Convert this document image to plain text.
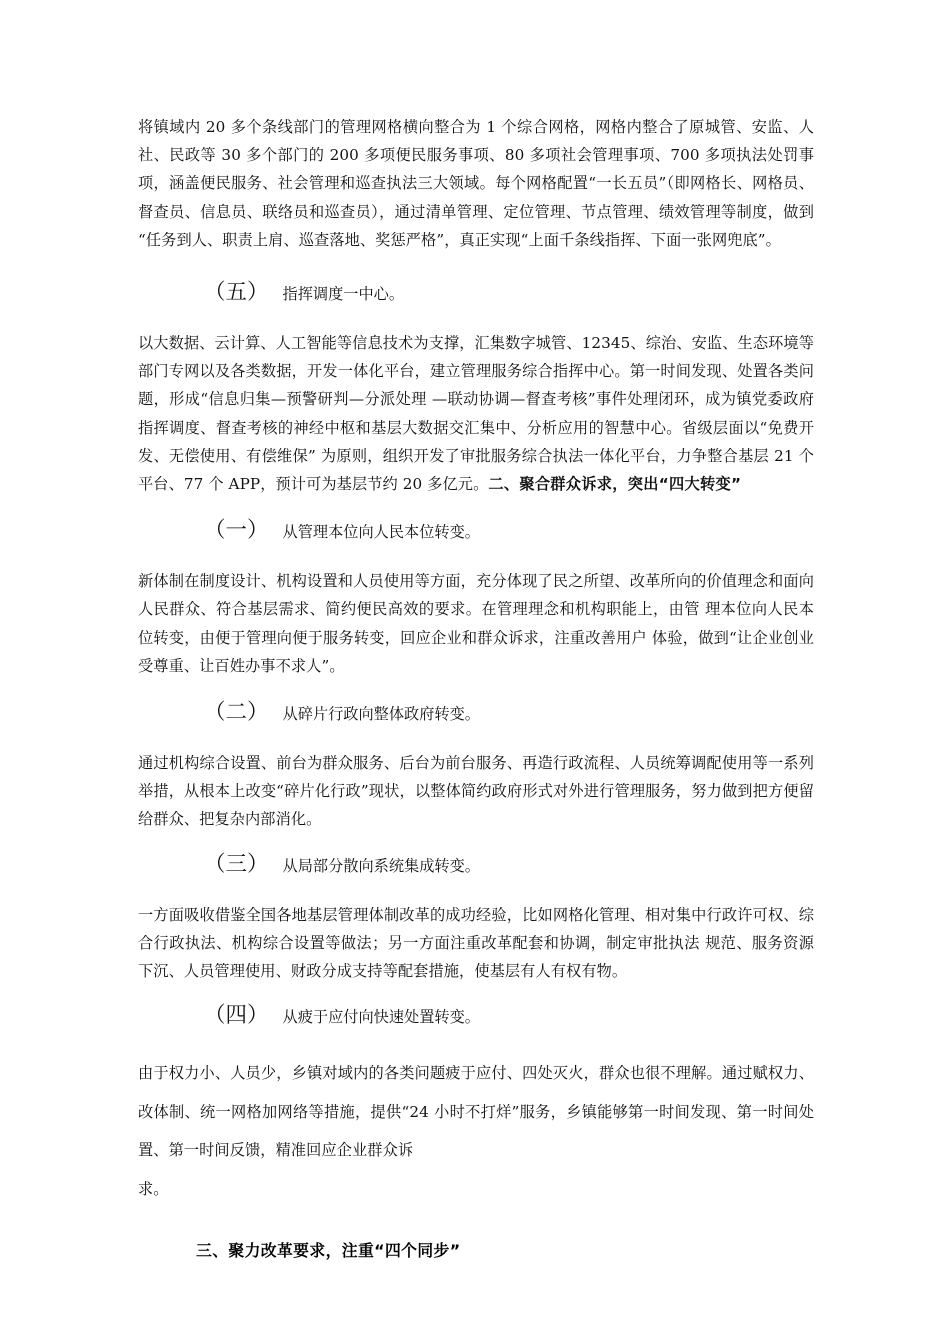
将镇域内 20 多个条线部门的管理网格横向整合为 1 个综合网格，网格内整合了原城管、安监、人社、民政等 30 多个部门的 200 多项便民服务事项、80 多项社会管理事项、700 多项执法处罚事项，涵盖便民服务、社会管理和巡查执法三大领域。每个网格配置“一长五员”（即网格长、网格员、督查员、信息员、联络员和巡查员），通过清单管理、定位管理、节点管理、绩效管理等制度，做到“任务到人、职责上肩、巡查落地、奖惩严格”，真正实现“上面千条线指挥、下面一张网兜底”。

（五） 指挥调度一中心。

以大数据、云计算、人工智能等信息技术为支撑，汇集数字城管、12345、综治、安监、生态环境等部门专网以及各类数据，开发一体化平台，建立管理服务综合指挥中心。第一时间发现、处置各类问题，形成“信息归集—预警研判—分派处理 —联动协调—督查考核”事件处理闭环，成为镇党委政府指挥调度、督查考核的神经中枢和基层大数据交汇集中、分析应用的智慧中心。省级层面以“免费开发、无偿使用、有偿维保” 为原则，组织开发了审批服务综合执法一体化平台，力争整合基层 21 个平台、77 个 APP，预计可为基层节约 20 多亿元。二、聚合群众诉求，突出“四大转变”

（一） 从管理本位向人民本位转变。

新体制在制度设计、机构设置和人员使用等方面，充分体现了民之所望、改革所向的价值理念和面向人民群众、符合基层需求、简约便民高效的要求。在管理理念和机构职能上，由管 理本位向人民本位转变，由便于管理向便于服务转变，回应企业和群众诉求，注重改善用户 体验，做到“让企业创业受尊重、让百姓办事不求人”。

（二） 从碎片行政向整体政府转变。

通过机构综合设置、前台为群众服务、后台为前台服务、再造行政流程、人员统筹调配使用等一系列举措，从根本上改变“碎片化行政”现状，以整体简约政府形式对外进行管理服务，努力做到把方便留给群众、把复杂内部消化。

（三） 从局部分散向系统集成转变。

一方面吸收借鉴全国各地基层管理体制改革的成功经验，比如网格化管理、相对集中行政许可权、综合行政执法、机构综合设置等做法；另一方面注重改革配套和协调，制定审批执法 规范、服务资源下沉、人员管理使用、财政分成支持等配套措施，使基层有人有权有物。

（四） 从疲于应付向快速处置转变。

由于权力小、人员少，乡镇对域内的各类问题疲于应付、四处灭火，群众也很不理解。通过赋权力、改体制、统一网格加网络等措施，提供“24 小时不打烊”服务，乡镇能够第一时间发现、第一时间处置、第一时间反馈，精准回应企业群众诉

求。

三、聚力改革要求，注重“四个同步”
